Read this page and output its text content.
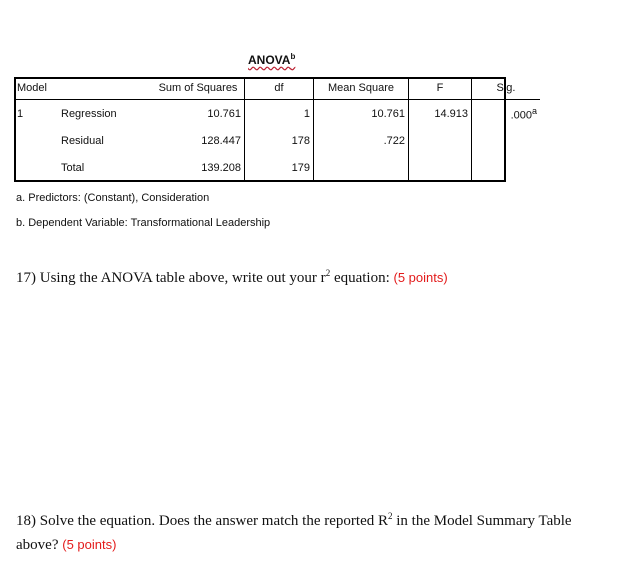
ANOVA$^b$
Model		Sum of Squares	df	Mean Square	F	Sig.
1	Regression	10.761	1	10.761	14.913	.000$^a$
	Residual	128.447	178	.722		
	Total	139.208	179			
a. Predictors: (Constant), Consideration
b. Dependent Variable: Transformational Leadership
17) Using the ANOVA table above, write out your $r^2$ equation: (5 points)
18) Solve the equation. Does the answer match the reported $R^2$ in the Model Summary Table
above? (5 points)
